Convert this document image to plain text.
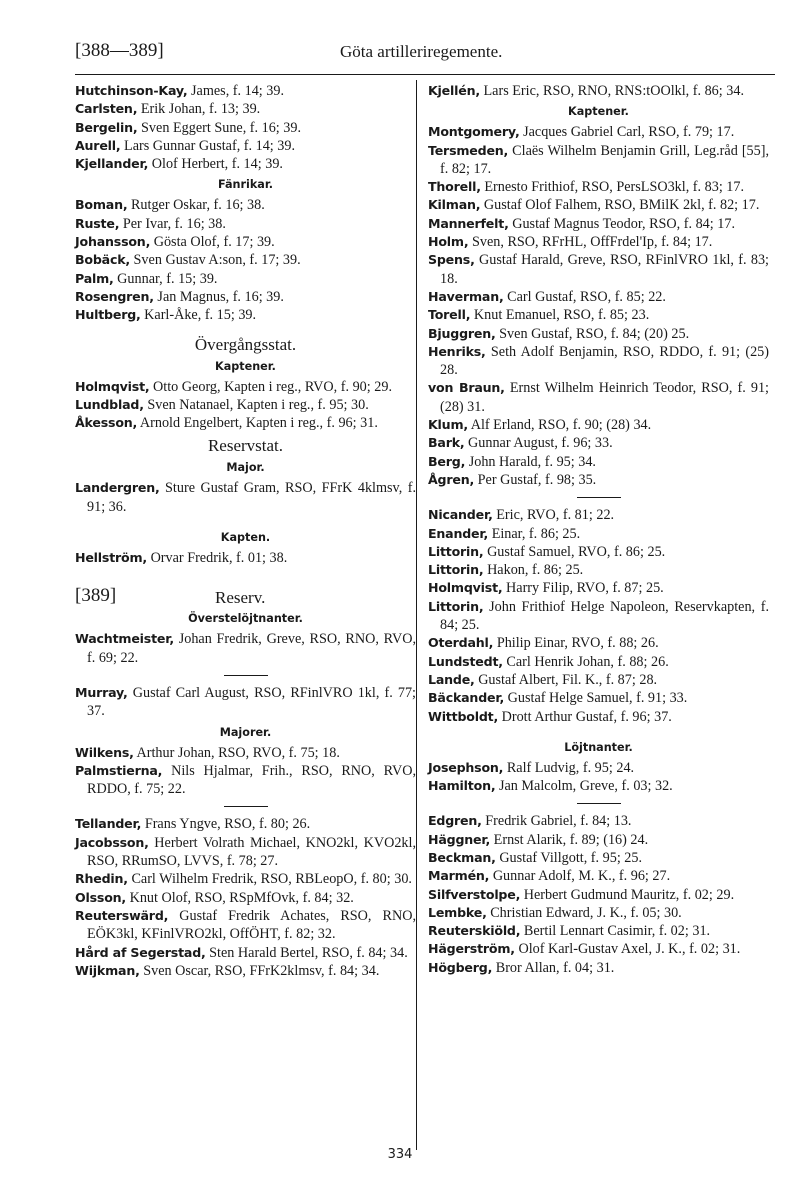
[388—389]	Göta artilleriregemente.
Hutchinson-Kay, James, f. 14; 39.
Carlsten, Erik Johan, f. 13; 39.
Bergelin, Sven Eggert Sune, f. 16; 39.
Aurell, Lars Gunnar Gustaf, f. 14; 39.
Kjellander, Olof Herbert, f. 14; 39.
Fänrikar.
Boman, Rutger Oskar, f. 16; 38.
Ruste, Per Ivar, f. 16; 38.
Johansson, Gösta Olof, f. 17; 39.
Bobäck, Sven Gustav A:son, f. 17; 39.
Palm, Gunnar, f. 15; 39.
Rosengren, Jan Magnus, f. 16; 39.
Hultberg, Karl-Åke, f. 15; 39.
Övergångsstat.
Kaptener.
Holmqvist, Otto Georg, Kapten i reg., RVO, f. 90; 29.
Lundblad, Sven Natanael, Kapten i reg., f. 95; 30.
Åkesson, Arnold Engelbert, Kapten i reg., f. 96; 31.
Reservstat.
Major.
Landergren, Sture Gustaf Gram, RSO, FFrK 4klmsv, f. 91; 36.
Kapten.
Hellström, Orvar Fredrik, f. 01; 38.
[389]	Reserv.
Överstelöjtnanter.
Wachtmeister, Johan Fredrik, Greve, RSO, RNO, RVO, f. 69; 22.
Murray, Gustaf Carl August, RSO, RFinlVRO 1kl, f. 77; 37.
Majorer.
Wilkens, Arthur Johan, RSO, RVO, f. 75; 18.
Palmstierna, Nils Hjalmar, Frih., RSO, RNO, RVO, RDDO, f. 75; 22.
Tellander, Frans Yngve, RSO, f. 80; 26.
Jacobsson, Herbert Volrath Michael, KNO2kl, KVO2kl, RSO, RRumSO, LVVS, f. 78; 27.
Rhedin, Carl Wilhelm Fredrik, RSO, RBLeopO, f. 80; 30.
Olsson, Knut Olof, RSO, RSpMfOvk, f. 84; 32.
Reuterswärd, Gustaf Fredrik Achates, RSO, RNO, EÖK3kl, KFinlVRO2kl, OffÖHT, f. 82; 32.
Hård af Segerstad, Sten Harald Bertel, RSO, f. 84; 34.
Wijkman, Sven Oscar, RSO, FFrK2klmsv, f. 84; 34.
Kjellén, Lars Eric, RSO, RNO, RNS:tOOlkl, f. 86; 34.
Kaptener.
Montgomery, Jacques Gabriel Carl, RSO, f. 79; 17.
Tersmeden, Claës Wilhelm Benjamin Grill, Leg.råd [55], f. 82; 17.
Thorell, Ernesto Frithiof, RSO, PersLSO3kl, f. 83; 17.
Kilman, Gustaf Olof Falhem, RSO, BMilK 2kl, f. 82; 17.
Mannerfelt, Gustaf Magnus Teodor, RSO, f. 84; 17.
Holm, Sven, RSO, RFrHL, OffFrdel'Ip, f. 84; 17.
Spens, Gustaf Harald, Greve, RSO, RFinlVRO 1kl, f. 83; 18.
Haverman, Carl Gustaf, RSO, f. 85; 22.
Torell, Knut Emanuel, RSO, f. 85; 23.
Bjuggren, Sven Gustaf, RSO, f. 84; (20) 25.
Henriks, Seth Adolf Benjamin, RSO, RDDO, f. 91; (25) 28.
von Braun, Ernst Wilhelm Heinrich Teodor, RSO, f. 91; (28) 31.
Klum, Alf Erland, RSO, f. 90; (28) 34.
Bark, Gunnar August, f. 96; 33.
Berg, John Harald, f. 95; 34.
Ågren, Per Gustaf, f. 98; 35.
Nicander, Eric, RVO, f. 81; 22.
Enander, Einar, f. 86; 25.
Littorin, Gustaf Samuel, RVO, f. 86; 25.
Littorin, Hakon, f. 86; 25.
Holmqvist, Harry Filip, RVO, f. 87; 25.
Littorin, John Frithiof Helge Napoleon, Reservkapten, f. 84; 25.
Oterdahl, Philip Einar, RVO, f. 88; 26.
Lundstedt, Carl Henrik Johan, f. 88; 26.
Lande, Gustaf Albert, Fil. K., f. 87; 28.
Bäckander, Gustaf Helge Samuel, f. 91; 33.
Wittboldt, Drott Arthur Gustaf, f. 96; 37.
Löjtnanter.
Josephson, Ralf Ludvig, f. 95; 24.
Hamilton, Jan Malcolm, Greve, f. 03; 32.
Edgren, Fredrik Gabriel, f. 84; 13.
Häggner, Ernst Alarik, f. 89; (16) 24.
Beckman, Gustaf Villgott, f. 95; 25.
Marmén, Gunnar Adolf, M. K., f. 96; 27.
Silfverstolpe, Herbert Gudmund Mauritz, f. 02; 29.
Lembke, Christian Edward, J. K., f. 05; 30.
Reuterskiöld, Bertil Lennart Casimir, f. 02; 31.
Hägerström, Olof Karl-Gustav Axel, J. K., f. 02; 31.
Högberg, Bror Allan, f. 04; 31.
334
